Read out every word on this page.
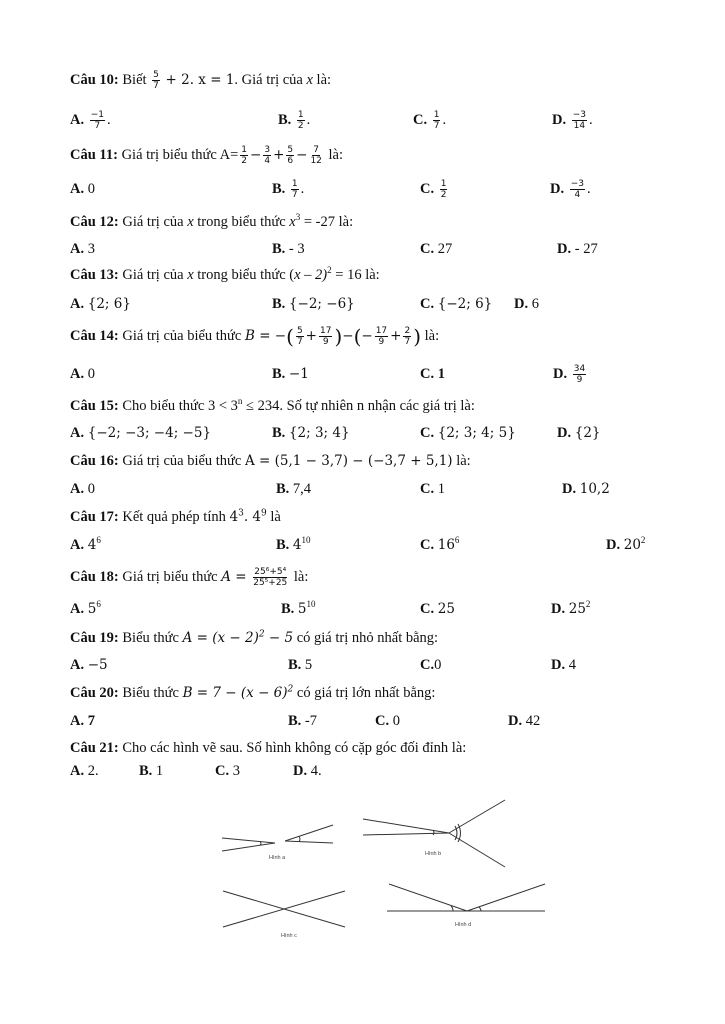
Câu 10: Biết $\frac{5}{7} + 2$. x = 1. Giá trị của x là:
A. $\frac{-1}{7}$ .	B. $\frac{1}{2}$ .	C. $\frac{1}{7}$ .	D. $\frac{-3}{14}$ .
Câu 11: Giá trị biểu thức $A= \frac{1}{2} - \frac{3}{4} + \frac{5}{6} - \frac{7}{12}$ là:
A. 0	B. $\frac{1}{7}$ .	C. $\frac{1}{2}$	D. $\frac{-3}{4}$ .
Câu 12: Giá trị của x trong biểu thức $x^3 = -27$ là:
A. 3	B. - 3	C. 27	D. - 27
Câu 13: Giá trị của x trong biểu thức (x – 2)$^2$ = 16 là:
A. {2; 6}	B. {−2; −6}	C. {−2; 6} D. 6
Câu 14: Giá trị của biểu thức B = −( $\frac{5}{7} + \frac{17}{9}$ )−(− $\frac{17}{9} + \frac{2}{7}$ ) là:
A. 0	B. −1	C. 1	D. $\frac{34}{9}$
Câu 15: Cho biểu thức $3 < 3^n \le 234$. Số tự nhiên n nhận các giá trị là:
A. {−2; −3; −4; −5}	B. {2; 3; 4}	C. {2; 3; 4; 5}	D. {2}
Câu 16: Giá trị của biểu thức A = (5,1 − 3,7) − (−3,7 + 5,1) là:
A. 0	B. 7,4	C. 1	D. 10,2
Câu 17: Kết quả phép tính $4^3$. $4^9$ là
A. $4^6$	B. $4^{10}$	C. $16^6$	D. $20^2$
Câu 18: Giá trị biểu thức $A = \frac{\text{25⁶+5⁴}}{\text{25⁵+25}}$ là:
A. $5^6$	B. $5^{10}$	C. 25	D. $25^2$
Câu 19: Biểu thức $A = (x - 2)^2 - 5$ có giá trị nhỏ nhất bằng:
A. −5	B. 5	C.0	D. 4
Câu 20: Biểu thức $B = 7 - (x - 6)^2$ có giá trị lớn nhất bằng:
A. 7	B. -7	C. 0	D. 42
Câu 21: Cho các hình vẽ sau. Số hình không có cặp góc đối đỉnh là:
A. 2.	B. 1	C. 3	D. 4.
Hình a
Hình b
Hình c
Hình d
